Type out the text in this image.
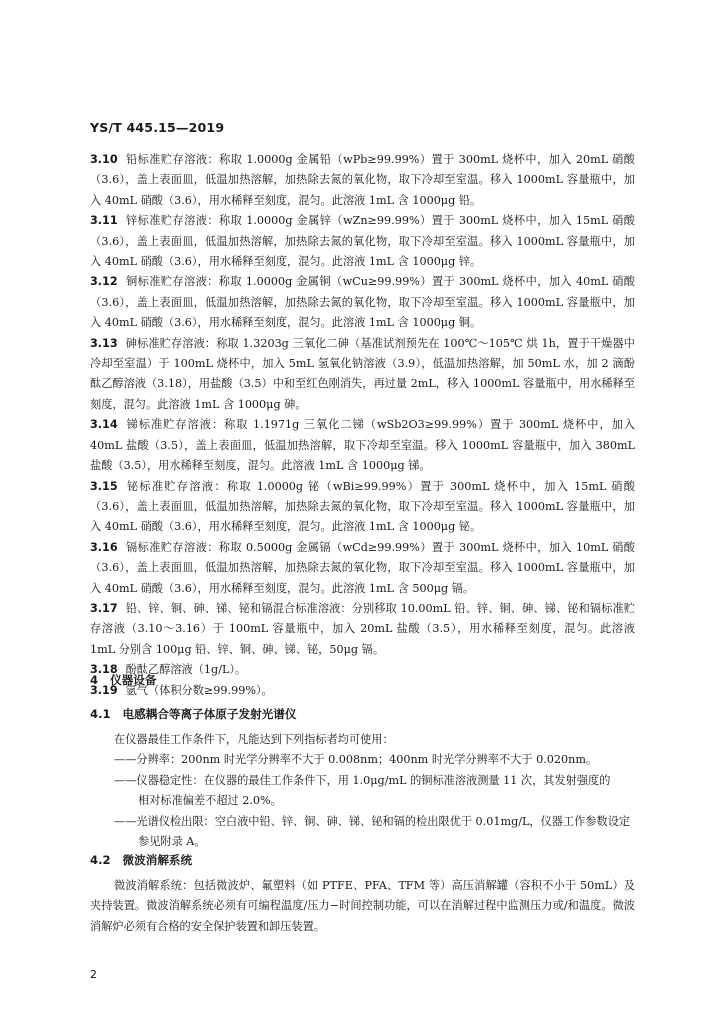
YS/T 445.15—2019
3.10 铅标准贮存溶液：称取 1.0000g 金属铅（wPb≥99.99%）置于 300mL 烧杯中，加入 20mL 硝酸（3.6），盖上表面皿，低温加热溶解，加热除去氮的氧化物，取下冷却至室温。移入 1000mL 容量瓶中，加入 40mL 硝酸（3.6），用水稀释至刻度，混匀。此溶液 1mL 含 1000μg 铅。
3.11 锌标准贮存溶液：称取 1.0000g 金属锌（wZn≥99.99%）置于 300mL 烧杯中，加入 15mL 硝酸（3.6），盖上表面皿，低温加热溶解，加热除去氮的氧化物，取下冷却至室温。移入 1000mL 容量瓶中，加入 40mL 硝酸（3.6），用水稀释至刻度，混匀。此溶液 1mL 含 1000μg 锌。
3.12 铜标准贮存溶液：称取 1.0000g 金属铜（wCu≥99.99%）置于 300mL 烧杯中，加入 40mL 硝酸（3.6），盖上表面皿，低温加热溶解，加热除去氮的氧化物，取下冷却至室温。移入 1000mL 容量瓶中，加入 40mL 硝酸（3.6），用水稀释至刻度，混匀。此溶液 1mL 含 1000μg 铜。
3.13 砷标准贮存溶液：称取 1.3203g 三氧化二砷（基准试剂预先在 100℃～105℃ 烘 1h，置于干燥器中冷却至室温）于 100mL 烧杯中，加入 5mL 氢氧化钠溶液（3.9），低温加热溶解，加 50mL 水，加 2 滴酚酞乙醇溶液（3.18），用盐酸（3.5）中和至红色刚消失，再过量 2mL，移入 1000mL 容量瓶中，用水稀释至刻度，混匀。此溶液 1mL 含 1000μg 砷。
3.14 锑标准贮存溶液：称取 1.1971g 三氧化二锑（wSb2O3≥99.99%）置于 300mL 烧杯中，加入 40mL 盐酸（3.5），盖上表面皿，低温加热溶解，取下冷却至室温。移入 1000mL 容量瓶中，加入 380mL 盐酸（3.5），用水稀释至刻度，混匀。此溶液 1mL 含 1000μg 锑。
3.15 铋标准贮存溶液：称取 1.0000g 铋（wBi≥99.99%）置于 300mL 烧杯中，加入 15mL 硝酸（3.6），盖上表面皿，低温加热溶解，加热除去氮的氧化物，取下冷却至室温。移入 1000mL 容量瓶中，加入 40mL 硝酸（3.6），用水稀释至刻度，混匀。此溶液 1mL 含 1000μg 铋。
3.16 镉标准贮存溶液：称取 0.5000g 金属镉（wCd≥99.99%）置于 300mL 烧杯中，加入 10mL 硝酸（3.6），盖上表面皿，低温加热溶解，加热除去氮的氧化物，取下冷却至室温。移入 1000mL 容量瓶中，加入 40mL 硝酸（3.6），用水稀释至刻度，混匀。此溶液 1mL 含 500μg 镉。
3.17 铅、锌、铜、砷、锑、铋和镉混合标准溶液：分别移取 10.00mL 铅、锌、铜、砷、锑、铋和镉标准贮存溶液（3.10～3.16）于 100mL 容量瓶中，加入 20mL 盐酸（3.5），用水稀释至刻度，混匀。此溶液 1mL 分别含 100μg 铅、锌、铜、砷、锑、铋，50μg 镉。
3.18 酚酞乙醇溶液（1g/L）。
3.19 氩气（体积分数≥99.99%）。
4 仪器设备
4.1 电感耦合等离子体原子发射光谱仪
在仪器最佳工作条件下，凡能达到下列指标者均可使用：
——分辨率：200nm 时光学分辨率不大于 0.008nm；400nm 时光学分辨率不大于 0.020nm。
——仪器稳定性：在仪器的最佳工作条件下，用 1.0μg/mL 的铜标准溶液测量 11 次，其发射强度的
相对标准偏差不超过 2.0%。
——光谱仪检出限：空白液中铅、锌、铜、砷、锑、铋和镉的检出限优于 0.01mg/L，仪器工作参数设定
参见附录 A。
4.2 微波消解系统
微波消解系统：包括微波炉、氟塑料（如 PTFE、PFA、TFM 等）高压消解罐（容积不小于 50mL）及夹持装置。微波消解系统必须有可编程温度/压力−时间控制功能，可以在消解过程中监测压力或/和温度。微波消解炉必须有合格的安全保护装置和卸压装置。
2
